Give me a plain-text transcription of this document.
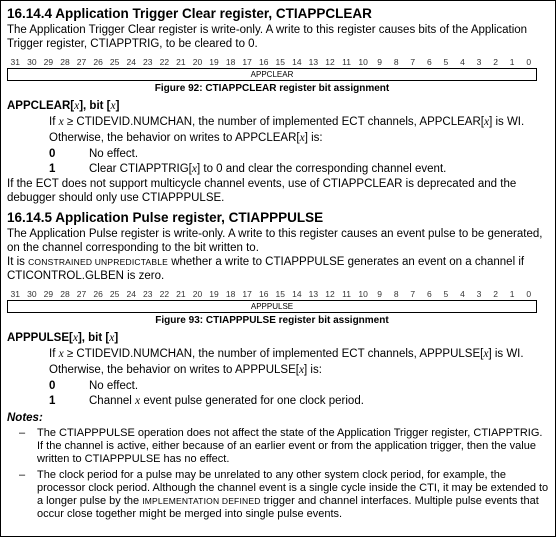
16.14.4 Application Trigger Clear register, CTIAPPCLEAR

The Application Trigger Clear register is write-only. A write to this register causes bits of the Application Trigger register, CTIAPPTRIG, to be cleared to 0.

31 30 29 28 27 26 25 24 23 22 21 20 19 18 17 16 15 14 13 12 11 10	9	8	7	6	5	4	3	2	1	0
APPCLEAR
Figure 92: CTIAPPCLEAR register bit assignment
APPCLEAR[x], bit [x]
If x ≥ CTIDEVID.NUMCHAN, the number of implemented ECT channels, APPCLEAR[x] is WI.
Otherwise, the behavior on writes to APPCLEAR[x] is:
0	No effect.
1	Clear CTIAPPTRIG[x] to 0 and clear the corresponding channel event.

If the ECT does not support multicycle channel events, use of CTIAPPCLEAR is deprecated and the debugger should only use CTIAPPPULSE.

16.14.5 Application Pulse register, CTIAPPPULSE

The Application Pulse register is write-only. A write to this register causes an event pulse to be generated, on the channel corresponding to the bit written to.

It is CONSTRAINED UNPREDICTABLE whether a write to CTIAPPPULSE generates an event on a channel if CTICONTROL.GLBEN is zero.

31 30 29 28 27 26 25 24 23 22 21 20 19 18 17 16 15 14 13 12 11 10	9	8	7	6	5	4	3	2	1	0
APPPULSE
Figure 93: CTIAPPPULSE register bit assignment
APPPULSE[x], bit [x]
If x ≥ CTIDEVID.NUMCHAN, the number of implemented ECT channels, APPPULSE[x] is WI.
Otherwise, the behavior on writes to APPPULSE[x] is:
0	No effect.
1	Channel x event pulse generated for one clock period.
Notes:
–	The CTIAPPPULSE operation does not affect the state of the Application Trigger register, CTIAPPTRIG. If the channel is active, either because of an earlier event or from the application trigger, then the value written to CTIAPPPULSE has no effect.
–	The clock period for a pulse may be unrelated to any other system clock period, for example, the processor clock period. Although the channel event is a single cycle inside the CTI, it may be extended to a longer pulse by the IMPLEMENTATION DEFINED trigger and channel interfaces. Multiple pulse events that occur close together might be merged into single pulse events.
